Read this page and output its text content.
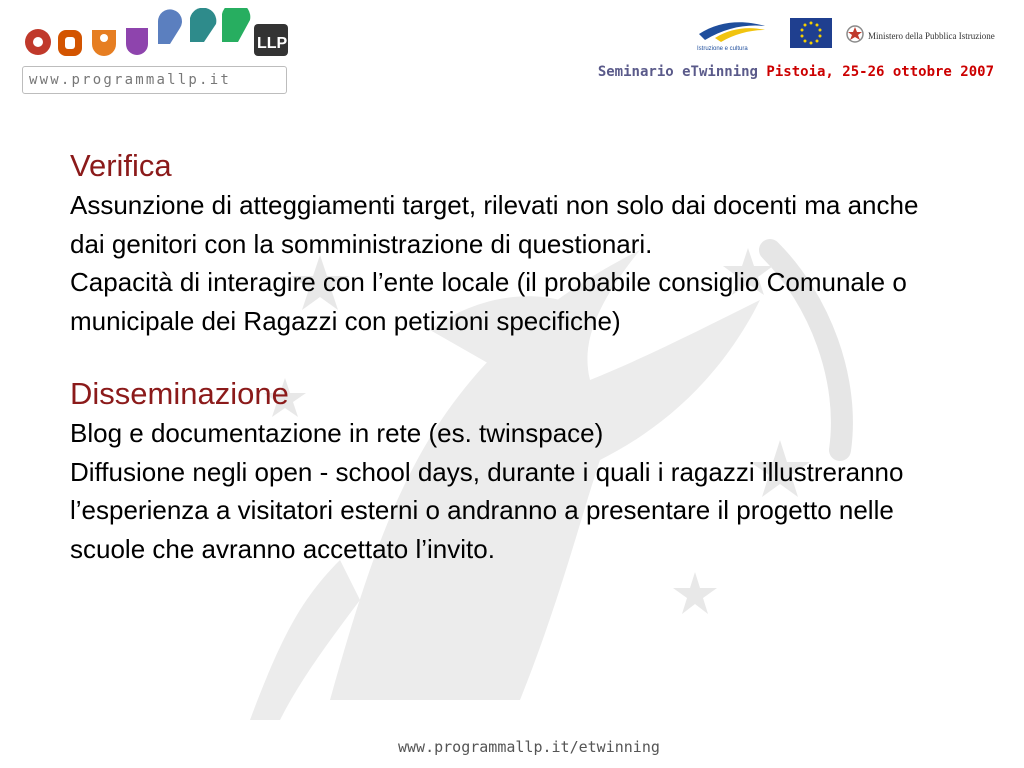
LLP
www.programmallp.it
Istruzione e cultura
Ministero della Pubblica Istruzione
Seminario eTwinning Pistoia, 25-26 ottobre 2007
Verifica

Assunzione di atteggiamenti target, rilevati non solo dai docenti ma anche dai genitori con la somministrazione di questionari.

Capacità di interagire con l’ente locale (il probabile consiglio Comunale o municipale dei Ragazzi con petizioni specifiche)

Disseminazione

Blog e documentazione in rete (es. twinspace)

Diffusione negli open - school days, durante i quali i ragazzi illustreranno l’esperienza a visitatori esterni o andranno a presentare il progetto nelle scuole che avranno accettato l’invito.

www.programmallp.it/etwinning
